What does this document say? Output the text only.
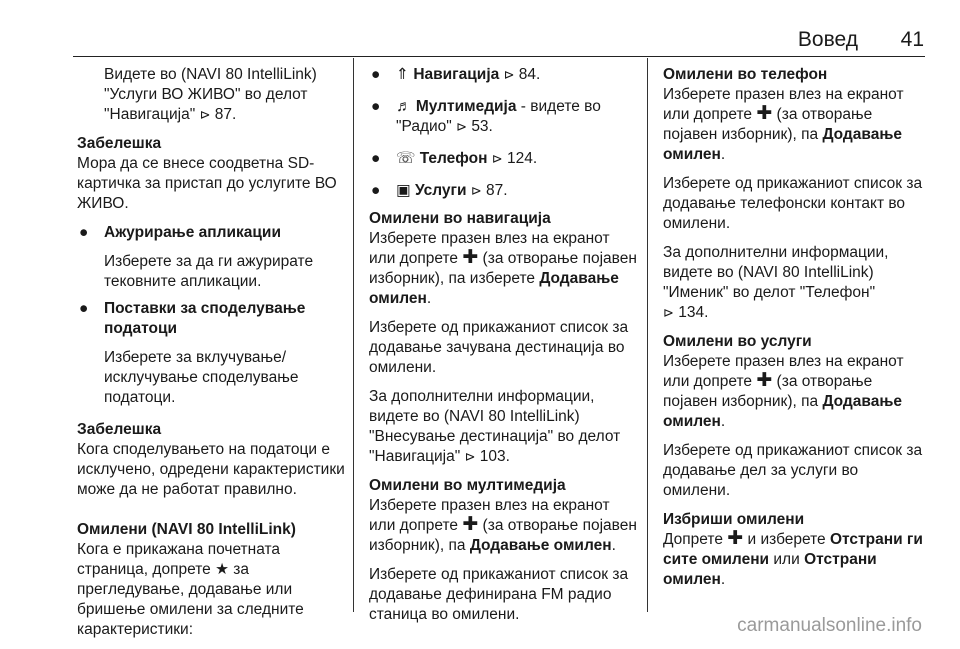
Вовед 41
Видете во (NAVI 80 IntelliLink)
"Услуги ВО ЖИВО" во делот
"Навигација" ⊳ 87.

Забелешка

Мора да се внесе соодветна SD-картичка за пристап до услугите ВО ЖИВО.

● Ажурирање апликации
Изберете за да ги ажурирате тековните апликации.
● Поставки за споделување податоци
Изберете за вклучување/ исклучување споделување податоци.

Забелешка

Кога споделувањето на податоци е исклучено, одредени карактеристики може да не работат правилно.

Омилени (NAVI 80 IntelliLink)

Кога е прикажана почетната страница, допрете ★ за прегледување, додавање или бришење омилени за следните карактеристики:

● ⇑ Навигација ⊳ 84.
● ♬ Мултимедија - видете во "Радио" ⊳ 53.
● ☏ Телефон ⊳ 124.
● ▣ Услуги ⊳ 87.

Омилени во навигација

Изберете празен влез на екранот или допрете ✚ (за отворање појавен изборник), па изберете Додавање омилен.

Изберете од прикажаниот список за додавање зачувана дестинација во омилени.

За дополнителни информации, видете во (NAVI 80 IntelliLink) "Внесување дестинација" во делот "Навигација" ⊳ 103.

Омилени во мултимедија

Изберете празен влез на екранот или допрете ✚ (за отворање појавен изборник), па Додавање омилен.

Изберете од прикажаниот список за додавање дефинирана FM радио станица во омилени.

Омилени во телефон

Изберете празен влез на екранот или допрете ✚ (за отворање појавен изборник), па Додавање омилен.

Изберете од прикажаниот список за додавање телефонски контакт во омилени.

За дополнителни информации, видете во (NAVI 80 IntelliLink) "Именик" во делот "Телефон"
⊳ 134.

Омилени во услуги

Изберете празен влез на екранот или допрете ✚ (за отворање појавен изборник), па Додавање омилен.

Изберете од прикажаниот список за додавање дел за услуги во омилени.

Избриши омилени

Допрете ✚ и изберете Отстрани ги сите омилени или Отстрани омилен.

carmanualsonline.info
